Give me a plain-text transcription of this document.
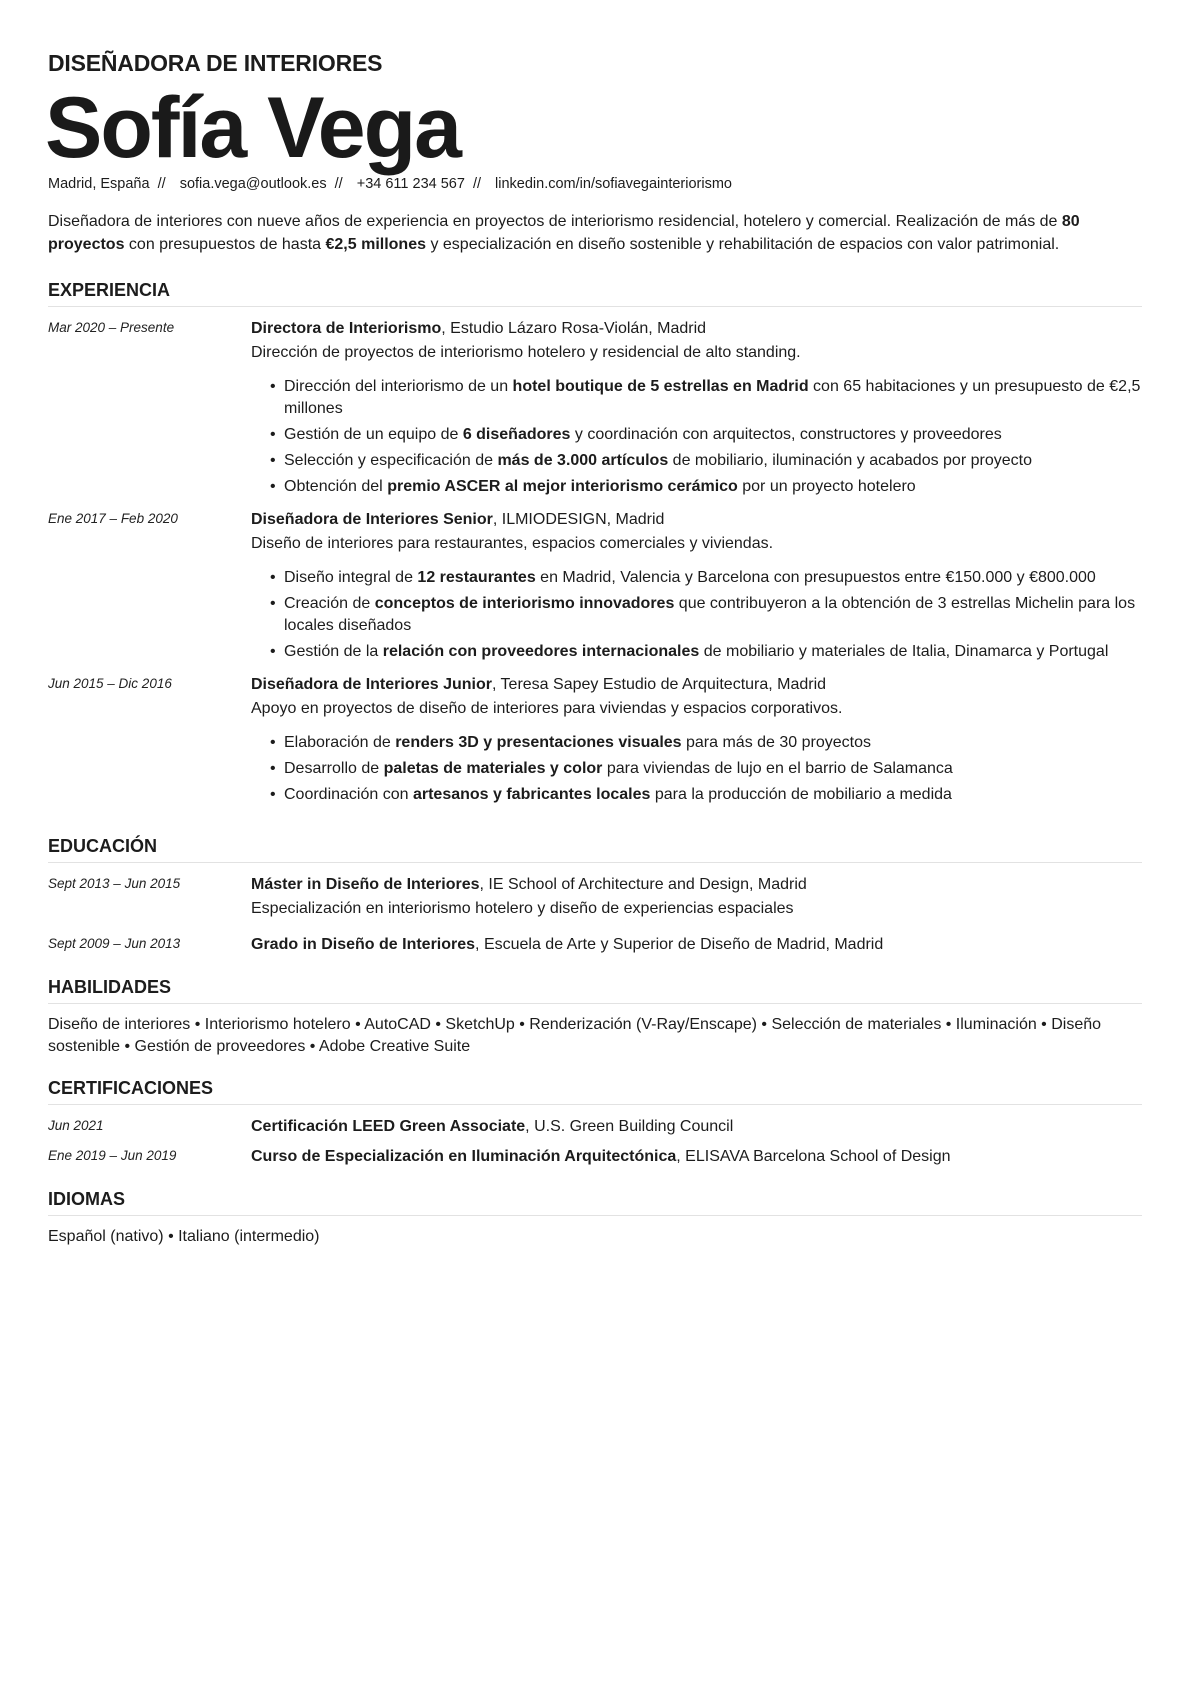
DISEÑADORA DE INTERIORES
Sofía Vega
Madrid, España // sofia.vega@outlook.es // +34 611 234 567 // linkedin.com/in/sofiavegainteriorismo
Diseñadora de interiores con nueve años de experiencia en proyectos de interiorismo residencial, hotelero y comercial. Realización de más de 80 proyectos con presupuestos de hasta €2,5 millones y especialización en diseño sostenible y rehabilitación de espacios con valor patrimonial.
EXPERIENCIA
Mar 2020 – Presente	Directora de Interiorismo, Estudio Lázaro Rosa-Violán, Madrid
Dirección de proyectos de interiorismo hotelero y residencial de alto standing.
• Dirección del interiorismo de un hotel boutique de 5 estrellas en Madrid con 65 habitaciones y un presupuesto de €2,5 millones
• Gestión de un equipo de 6 diseñadores y coordinación con arquitectos, constructores y proveedores
• Selección y especificación de más de 3.000 artículos de mobiliario, iluminación y acabados por proyecto
• Obtención del premio ASCER al mejor interiorismo cerámico por un proyecto hotelero
Ene 2017 – Feb 2020	Diseñadora de Interiores Senior, ILMIODESIGN, Madrid
Diseño de interiores para restaurantes, espacios comerciales y viviendas.
• Diseño integral de 12 restaurantes en Madrid, Valencia y Barcelona con presupuestos entre €150.000 y €800.000
• Creación de conceptos de interiorismo innovadores que contribuyeron a la obtención de 3 estrellas Michelin para los locales diseñados
• Gestión de la relación con proveedores internacionales de mobiliario y materiales de Italia, Dinamarca y Portugal
Jun 2015 – Dic 2016	Diseñadora de Interiores Junior, Teresa Sapey Estudio de Arquitectura, Madrid
Apoyo en proyectos de diseño de interiores para viviendas y espacios corporativos.
• Elaboración de renders 3D y presentaciones visuales para más de 30 proyectos
• Desarrollo de paletas de materiales y color para viviendas de lujo en el barrio de Salamanca
• Coordinación con artesanos y fabricantes locales para la producción de mobiliario a medida
EDUCACIÓN
Sept 2013 – Jun 2015	Máster in Diseño de Interiores, IE School of Architecture and Design, Madrid
Especialización en interiorismo hotelero y diseño de experiencias espaciales
Sept 2009 – Jun 2013	Grado in Diseño de Interiores, Escuela de Arte y Superior de Diseño de Madrid, Madrid
HABILIDADES
Diseño de interiores • Interiorismo hotelero • AutoCAD • SketchUp • Renderización (V-Ray/Enscape) • Selección de materiales • Iluminación • Diseño sostenible • Gestión de proveedores • Adobe Creative Suite
CERTIFICACIONES
Jun 2021	Certificación LEED Green Associate, U.S. Green Building Council
Ene 2019 – Jun 2019	Curso de Especialización en Iluminación Arquitectónica, ELISAVA Barcelona School of Design
IDIOMAS
Español (nativo) • Italiano (intermedio)
